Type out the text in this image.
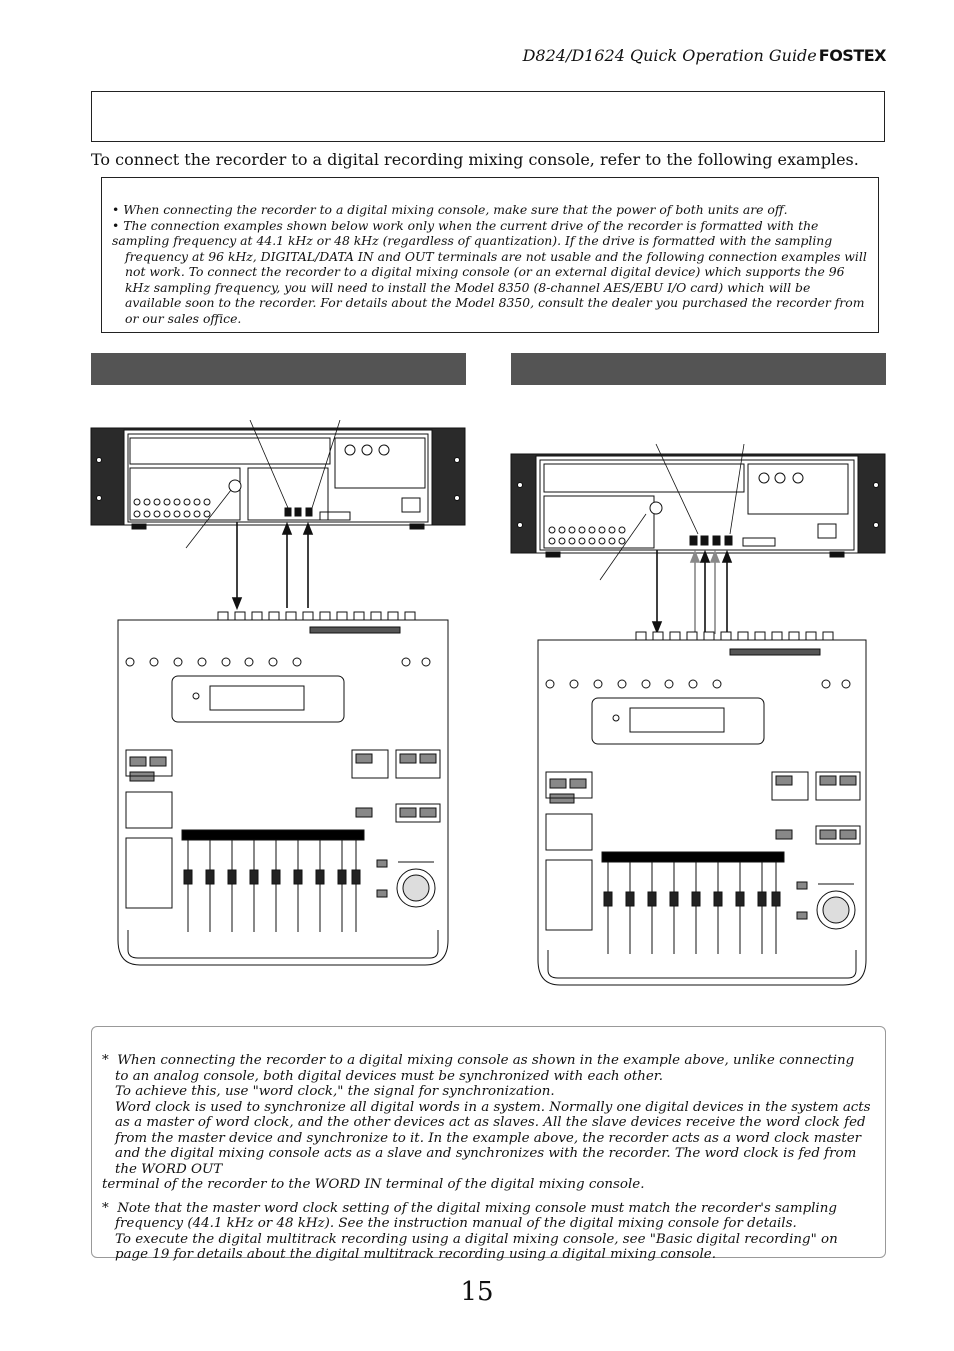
D824/D1624 Quick Operation Guide FOSTEX
To connect the recorder to a digital recording mixing console, refer to the following examples.

• When connecting the recorder to a digital mixing console, make sure that the power of both units are off.

• The connection examples shown below work only when the current drive of the recorder is formatted with the

sampling frequency at 44.1 kHz or 48 kHz (regardless of quantization). If the drive is formatted with the sampling

frequency at 96 kHz, DIGITAL/DATA IN and OUT terminals are not usable and the following connection examples will not work. To connect the recorder to a digital mixing console (or an external digital device) which supports the 96 kHz sampling frequency, you will need to install the Model 8350 (8-channel AES/EBU I/O card) which will be available soon to the recorder. For details about the Model 8350, consult the dealer you purchased the recorder from or our sales office.

*  When connecting the recorder to a digital mixing console as shown in the example above, unlike connecting to an analog console, both digital devices must be synchronized with each other.

To achieve this, use "word clock," the signal for synchronization.

Word clock is used to synchronize all digital words in a system. Normally one digital devices in the system acts as a master of word clock, and the other devices act as slaves. All the slave devices receive the word clock fed from the master device and synchronize to it. In the example above, the recorder acts as a word clock master and the digital mixing console acts as a slave and synchronizes with the recorder. The word clock is fed from the WORD OUT

terminal of the recorder to the WORD IN terminal of the digital mixing console.

*  Note that the master word clock setting of the digital mixing console must match the recorder's sampling frequency (44.1 kHz or 48 kHz). See the instruction manual of the digital mixing console for details.

To execute the digital multitrack recording using a digital mixing console, see "Basic digital recording" on page 19 for details about the digital multitrack recording using a digital mixing console.

15
